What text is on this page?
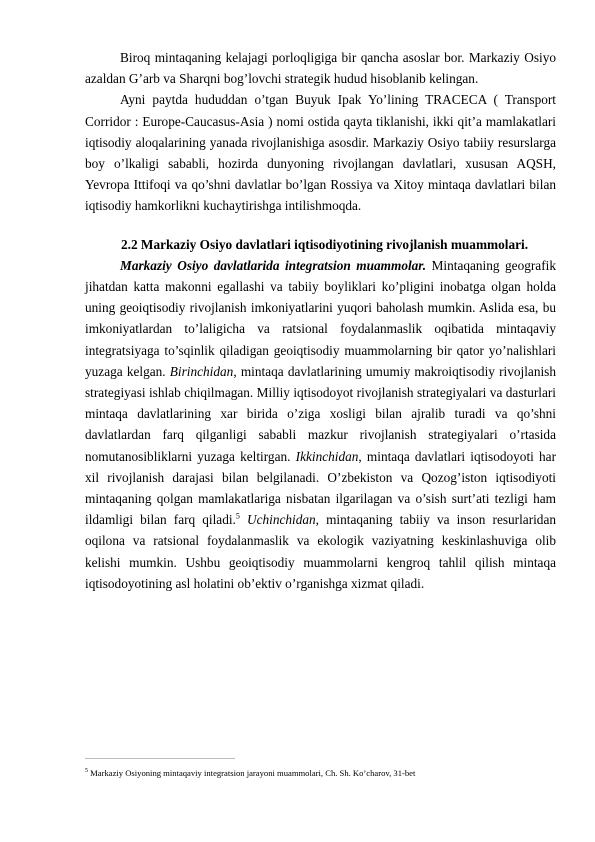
Biroq mintaqaning kelajagi porloqligiga bir qancha asoslar bor. Markaziy Osiyo azaldan G’arb va Sharqni bog’lovchi strategik hudud hisoblanib kelingan.

Ayni paytda hududdan o’tgan Buyuk Ipak Yo’lining TRACECA ( Transport Corridor : Europe-Caucasus-Asia ) nomi ostida qayta tiklanishi, ikki qit’a mamlakatlari iqtisodiy aloqalarining yanada rivojlanishiga asosdir. Markaziy Osiyo tabiiy resurslarga boy o’lkaligi sababli, hozirda dunyoning rivojlangan davlatlari, xususan AQSH, Yevropa Ittifoqi va qo’shni davlatlar bo’lgan Rossiya va Xitoy mintaqa davlatlari bilan iqtisodiy hamkorlikni kuchaytirishga intilishmoqda.

2.2 Markaziy Osiyo davlatlari iqtisodiyotining rivojlanish muammolari.

Markaziy Osiyo davlatlarida integratsion muammolar. Mintaqaning geografik jihatdan katta makonni egallashi va tabiiy boyliklari ko’pligini inobatga olgan holda uning geoiqtisodiy rivojlanish imkoniyatlarini yuqori baholash mumkin. Aslida esa, bu imkoniyatlardan to’laligicha va ratsional foydalanmaslik oqibatida mintaqaviy integratsiyaga to’sqinlik qiladigan geoiqtisodiy muammolarning bir qator yo’nalishlari yuzaga kelgan. Birinchidan, mintaqa davlatlarining umumiy makroiqtisodiy rivojlanish strategiyasi ishlab chiqilmagan. Milliy iqtisodoyot rivojlanish strategiyalari va dasturlari mintaqa davlatlarining xar birida o’ziga xosligi bilan ajralib turadi va qo’shni davlatlardan farq qilganligi sababli mazkur rivojlanish strategiyalari o’rtasida nomutanosibliklarni yuzaga keltirgan. Ikkinchidan, mintaqa davlatlari iqtisodoyoti har xil rivojlanish darajasi bilan belgilanadi. O’zbekiston va Qozog’iston iqtisodiyoti mintaqaning qolgan mamlakatlariga nisbatan ilgarilagan va o’sish surt’ati tezligi ham ildamligi bilan farq qiladi.$^5$ Uchinchidan, mintaqaning tabiiy va inson resurlaridan oqilona va ratsional foydalanmaslik va ekologik vaziyatning keskinlashuviga olib kelishi mumkin. Ushbu geoiqtisodiy muammolarni kengroq tahlil qilish mintaqa iqtisodoyotining asl holatini ob’ektiv o’rganishga xizmat qiladi.

$^5$ Markaziy Osiyoning mintaqaviy integratsion jarayoni muammolari, Ch. Sh. Ko’charov, 31-bet
